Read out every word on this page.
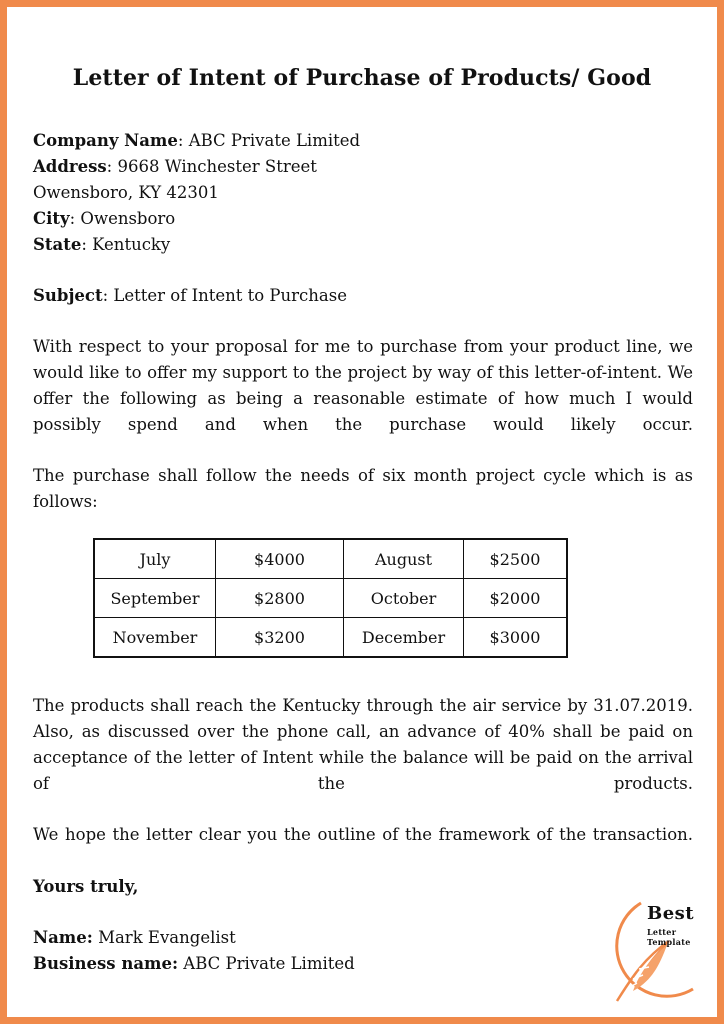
Letter of Intent of Purchase of Products/ Good

Company Name: ABC Private Limited

Address: 9668 Winchester Street

Owensboro, KY 42301

City: Owensboro

State: Kentucky

Subject: Letter of Intent to Purchase

With respect to your proposal for me to purchase from your product line, we would like to offer my support to the project by way of this letter-of-intent. We offer the following as being a reasonable estimate of how much I would possibly spend and when the purchase would likely occur.
The purchase shall follow the needs of six month project cycle which is as follows:
July	$4000	August	$2500
September	$2800	October	$2000
November	$3200	December	$3000
The products shall reach the Kentucky through the air service by 31.07.2019. Also, as discussed over the phone call, an advance of 40% shall be paid on acceptance of the letter of Intent while the balance will be paid on the arrival of the products.
We hope the letter clear you the outline of the framework of the transaction.
Yours truly,

Name: Mark Evangelist

Business name: ABC Private Limited

Best
Letter Template
